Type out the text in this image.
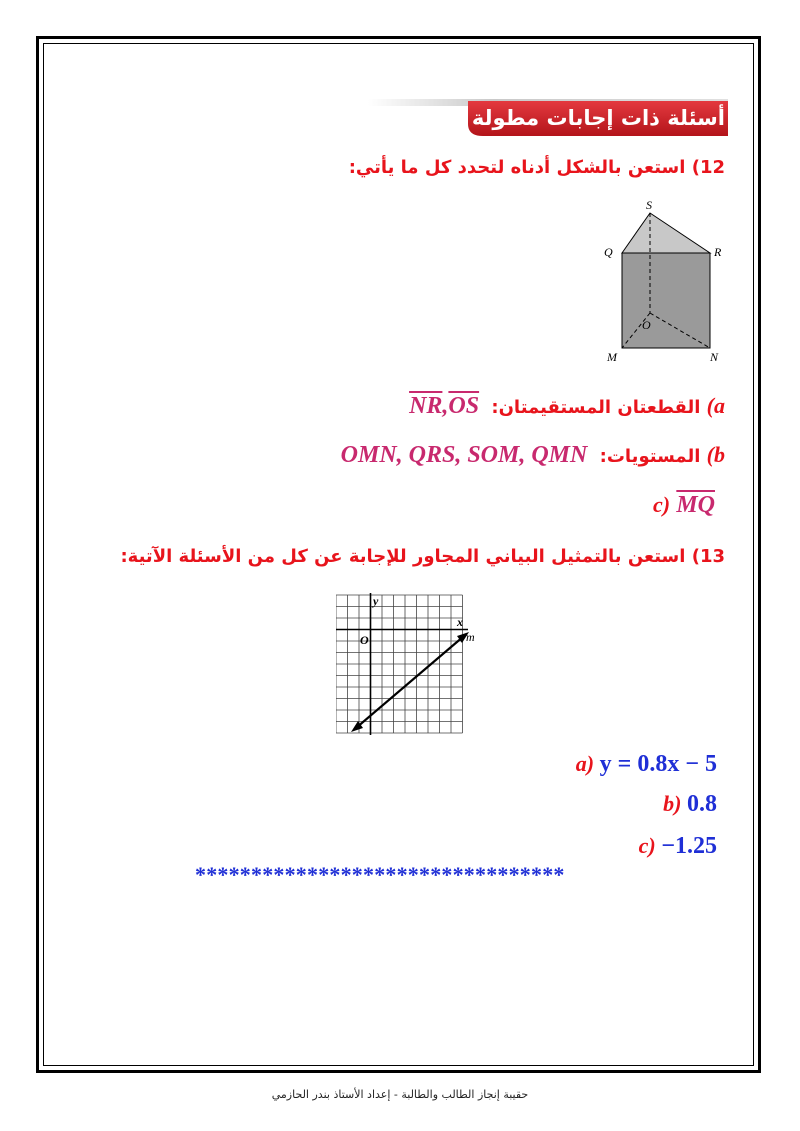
أسئلة ذات إجابات مطولة
12) استعن بالشكل أدناه لتحدد كل ما يأتي:
S
Q	R
O
M	N
a) القطعتان المستقيمتان: $\overline{NR},\overline{OS}$
b) المستويات: OMN, QRS, SOM, QMN
c) MQ
13) استعن بالتمثيل البياني المجاور للإجابة عن كل من الأسئلة الآتية:
y
x
O	m
a) y = 0.8x − 5
b) 0.8
c) −1.25
*********************************
حقيبة إنجاز الطالب والطالبة - إعداد الأستاذ بندر الحازمي
